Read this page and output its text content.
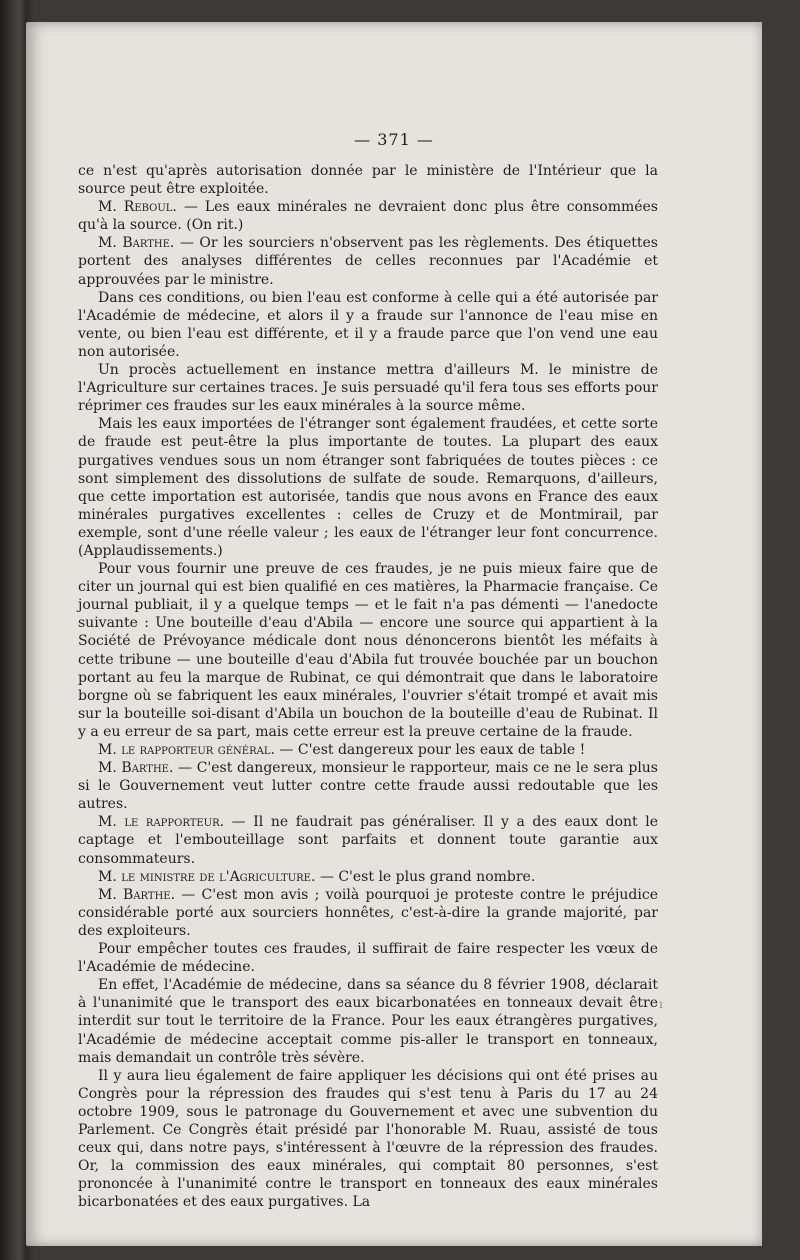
— 371 —

ce n'est qu'après autorisation donnée par le ministère de l'Intérieur que la source peut être exploitée.

M. Reboul. — Les eaux minérales ne devraient donc plus être consommées qu'à la source. (On rit.)

M. Barthe. — Or les sourciers n'observent pas les règlements. Des étiquettes portent des analyses différentes de celles reconnues par l'Académie et approuvées par le ministre.

Dans ces conditions, ou bien l'eau est conforme à celle qui a été autorisée par l'Académie de médecine, et alors il y a fraude sur l'annonce de l'eau mise en vente, ou bien l'eau est différente, et il y a fraude parce que l'on vend une eau non autorisée.

Un procès actuellement en instance mettra d'ailleurs M. le ministre de l'Agriculture sur certaines traces. Je suis persuadé qu'il fera tous ses efforts pour réprimer ces fraudes sur les eaux minérales à la source même.

Mais les eaux importées de l'étranger sont également fraudées, et cette sorte de fraude est peut-être la plus importante de toutes. La plupart des eaux purgatives vendues sous un nom étranger sont fabriquées de toutes pièces : ce sont simplement des dissolutions de sulfate de soude. Remarquons, d'ailleurs, que cette importation est autorisée, tandis que nous avons en France des eaux minérales purgatives excellentes : celles de Cruzy et de Montmirail, par exemple, sont d'une réelle valeur ; les eaux de l'étranger leur font concurrence. (Applaudissements.)

Pour vous fournir une preuve de ces fraudes, je ne puis mieux faire que de citer un journal qui est bien qualifié en ces matières, la Pharmacie française. Ce journal publiait, il y a quelque temps — et le fait n'a pas démenti — l'anedocte suivante : Une bouteille d'eau d'Abila — encore une source qui appartient à la Société de Prévoyance médicale dont nous dénoncerons bientôt les méfaits à cette tribune — une bouteille d'eau d'Abila fut trouvée bouchée par un bouchon portant au feu la marque de Rubinat, ce qui démontrait que dans le laboratoire borgne où se fabriquent les eaux minérales, l'ouvrier s'était trompé et avait mis sur la bouteille soi-disant d'Abila un bouchon de la bouteille d'eau de Rubinat. Il y a eu erreur de sa part, mais cette erreur est la preuve certaine de la fraude.

M. le rapporteur général. — C'est dangereux pour les eaux de table !

M. Barthe. — C'est dangereux, monsieur le rapporteur, mais ce ne le sera plus si le Gouvernement veut lutter contre cette fraude aussi redoutable que les autres.

M. le rapporteur. — Il ne faudrait pas généraliser. Il y a des eaux dont le captage et l'embouteillage sont parfaits et donnent toute garantie aux consommateurs.

M. le ministre de l'Agriculture. — C'est le plus grand nombre.

M. Barthe. — C'est mon avis ; voilà pourquoi je proteste contre le préjudice considérable porté aux sourciers honnêtes, c'est-à-dire la grande majorité, par des exploiteurs.

Pour empêcher toutes ces fraudes, il suffirait de faire respecter les vœux de l'Académie de médecine.

En effet, l'Académie de médecine, dans sa séance du 8 février 1908, déclarait à l'unanimité que le transport des eaux bicarbonatées en tonneaux devait être interdit sur tout le territoire de la France. Pour les eaux étrangères purgatives, l'Académie de médecine acceptait comme pis-aller le transport en tonneaux, mais demandait un contrôle très sévère.

Il y aura lieu également de faire appliquer les décisions qui ont été prises au Congrès pour la répression des fraudes qui s'est tenu à Paris du 17 au 24 octobre 1909, sous le patronage du Gouvernement et avec une subvention du Parlement. Ce Congrès était présidé par l'honorable M. Ruau, assisté de tous ceux qui, dans notre pays, s'intéressent à l'œuvre de la répression des fraudes. Or, la commission des eaux minérales, qui comptait 80 personnes, s'est prononcée à l'unanimité contre le transport en tonneaux des eaux minérales bicarbonatées et des eaux purgatives. La

ı
